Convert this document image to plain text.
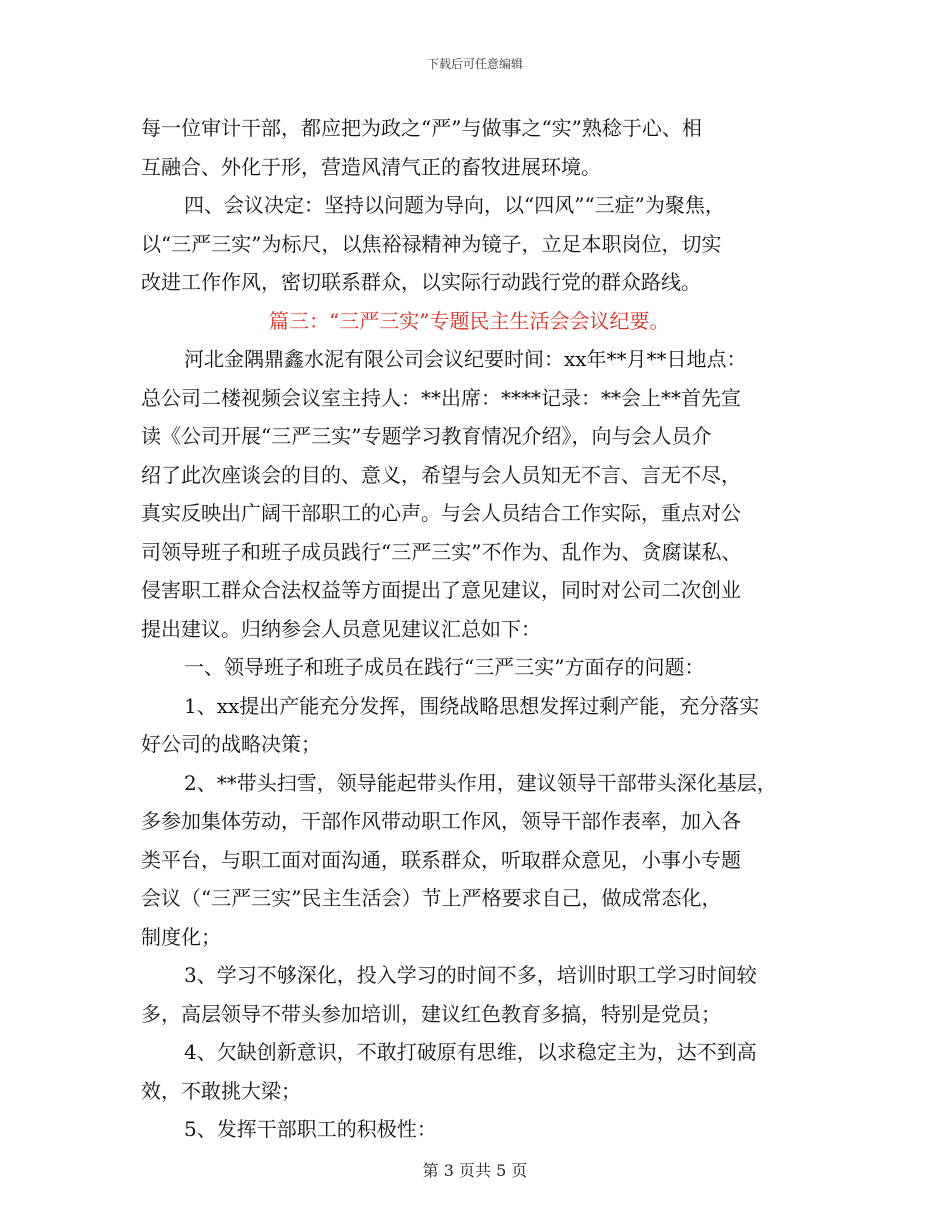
下载后可任意编辑
每一位审计干部，都应把为政之“严”与做事之“实”熟稔于心、相
互融合、外化于形，营造风清气正的畜牧进展环境。
四、会议决定：坚持以问题为导向，以“四风”“三症”为聚焦，
以“三严三实”为标尺，以焦裕禄精神为镜子，立足本职岗位，切实
改进工作作风，密切联系群众，以实际行动践行党的群众路线。
篇三：“三严三实”专题民主生活会会议纪要。
河北金隅鼎鑫水泥有限公司会议纪要时间：xx年**月**日地点：
总公司二楼视频会议室主持人：**出席：****记录：**会上**首先宣
读《公司开展“三严三实”专题学习教育情况介绍》，向与会人员介
绍了此次座谈会的目的、意义，希望与会人员知无不言、言无不尽，
真实反映出广阔干部职工的心声。与会人员结合工作实际，重点对公
司领导班子和班子成员践行“三严三实”不作为、乱作为、贪腐谋私、
侵害职工群众合法权益等方面提出了意见建议，同时对公司二次创业
提出建议。归纳参会人员意见建议汇总如下：
一、领导班子和班子成员在践行“三严三实”方面存的问题：
1、xx提出产能充分发挥，围绕战略思想发挥过剩产能，充分落实
好公司的战略决策；
2、**带头扫雪，领导能起带头作用，建议领导干部带头深化基层，
多参加集体劳动，干部作风带动职工作风，领导干部作表率，加入各
类平台，与职工面对面沟通，联系群众，听取群众意见，小事小专题
会议（“三严三实”民主生活会）节上严格要求自己，做成常态化，
制度化；
3、学习不够深化，投入学习的时间不多，培训时职工学习时间较
多，高层领导不带头参加培训，建议红色教育多搞，特别是党员；
4、欠缺创新意识，不敢打破原有思维，以求稳定主为，达不到高
效，不敢挑大梁；
5、发挥干部职工的积极性：
第 3 页共 5 页
